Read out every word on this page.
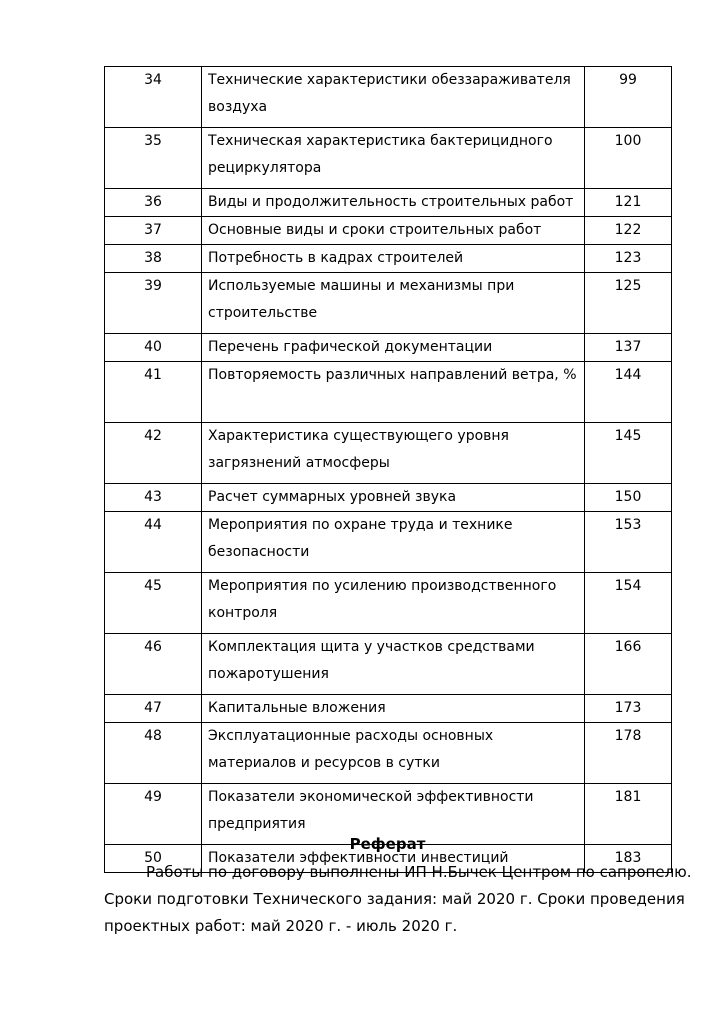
34	Технические характеристики обеззараживателя воздуха	99
35	Техническая характеристика бактерицидного рециркулятора	100
36	Виды и продолжительность строительных работ	121
37	Основные виды и сроки строительных работ	122
38	Потребность в кадрах строителей	123
39	Используемые машины и механизмы при строительстве	125
40	Перечень графической документации	137
41	Повторяемость различных направлений ветра, %	144
42	Характеристика существующего уровня загрязнений атмосферы	145
43	Расчет суммарных уровней звука	150
44	Мероприятия по охране труда и технике безопасности	153
45	Мероприятия по усилению производственного контроля	154
46	Комплектация щита у участков средствами пожаротушения	166
47	Капитальные вложения	173
48	Эксплуатационные расходы основных материалов и ресурсов в сутки	178
49	Показатели экономической эффективности предприятия	181
50	Показатели эффективности инвестиций	183
Реферат
Работы по договору выполнены ИП Н.Бычек Центром по сапропелю.
Сроки подготовки Технического задания: май 2020 г. Сроки проведения
проектных работ: май 2020 г. - июль 2020 г.
